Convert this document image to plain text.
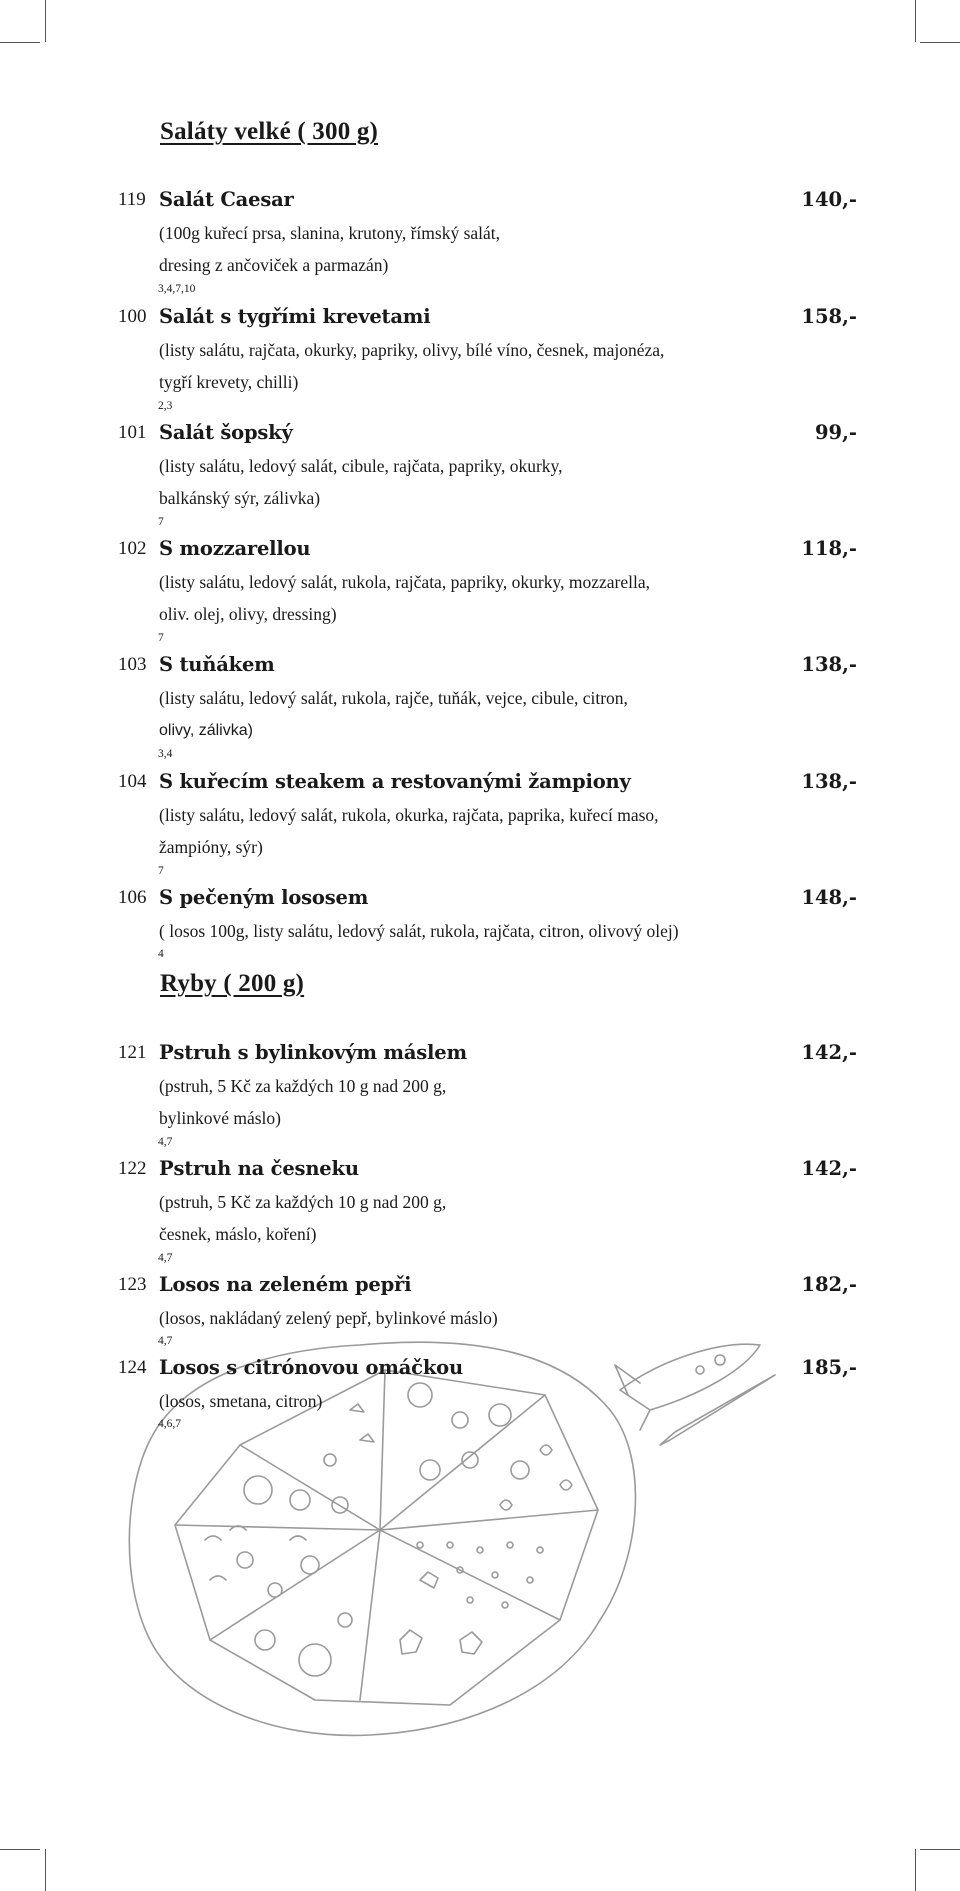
Saláty velké ( 300 g)
119 Salát Caesar	140,-
(100g kuřecí prsa, slanina, krutony, římský salát,
dresing z ančoviček a parmazán)
3,4,7,10
100 Salát s tygřími krevetami	158,-
(listy salátu, rajčata, okurky, papriky, olivy, bílé víno, česnek, majonéza,
tygří krevety, chilli)
2,3
101 Salát šopský	99,-
(listy salátu, ledový salát, cibule, rajčata, papriky, okurky,
balkánský sýr, zálivka)
7
102 S mozzarellou	118,-
(listy salátu, ledový salát, rukola, rajčata, papriky, okurky, mozzarella,
oliv. olej, olivy, dressing)
7
103 S tuňákem	138,-
(listy salátu, ledový salát, rukola, rajče, tuňák, vejce, cibule, citron,
olivy, zálivka)
3,4
104 S kuřecím steakem a restovanými žampiony	138,-
(listy salátu, ledový salát, rukola, okurka, rajčata, paprika, kuřecí maso,
žampióny, sýr)
7
106 S pečeným lososem	148,-
( losos 100g, listy salátu, ledový salát, rukola, rajčata, citron, olivový olej)
4
Ryby ( 200 g)
121 Pstruh s bylinkovým máslem	142,-
(pstruh, 5 Kč za každých 10 g nad 200 g,
bylinkové máslo)
4,7
122 Pstruh na česneku	142,-
(pstruh, 5 Kč za každých 10 g nad 200 g,
česnek, máslo, koření)
4,7
123 Losos na zeleném pepři	182,-
(losos, nakládaný zelený pepř, bylinkové máslo)
4,7
124 Losos s citrónovou omáčkou	185,-
(losos, smetana, citron)
4,6,7
